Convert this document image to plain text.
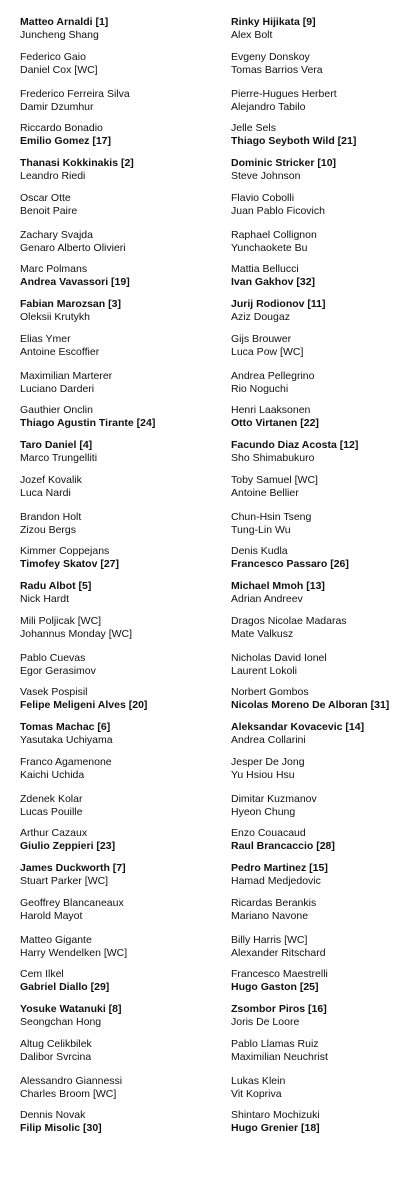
Matteo Arnaldi [1]
Juncheng Shang
Federico Gaio
Daniel Cox [WC]
Frederico Ferreira Silva
Damir Dzumhur
Riccardo Bonadio
Emilio Gomez [17]
Thanasi Kokkinakis [2]
Leandro Riedi
Oscar Otte
Benoit Paire
Zachary Svajda
Genaro Alberto Olivieri
Marc Polmans
Andrea Vavassori [19]
Fabian Marozsan [3]
Oleksii Krutykh
Elias Ymer
Antoine Escoffier
Maximilian Marterer
Luciano Darderi
Gauthier Onclin
Thiago Agustin Tirante [24]
Taro Daniel [4]
Marco Trungelliti
Jozef Kovalik
Luca Nardi
Brandon Holt
Zizou Bergs
Kimmer Coppejans
Timofey Skatov [27]
Radu Albot [5]
Nick Hardt
Mili Poljicak [WC]
Johannus Monday [WC]
Pablo Cuevas
Egor Gerasimov
Vasek Pospisil
Felipe Meligeni Alves [20]
Tomas Machac [6]
Yasutaka Uchiyama
Franco Agamenone
Kaichi Uchida
Zdenek Kolar
Lucas Pouille
Arthur Cazaux
Giulio Zeppieri [23]
James Duckworth [7]
Stuart Parker [WC]
Geoffrey Blancaneaux
Harold Mayot
Matteo Gigante
Harry Wendelken [WC]
Cem Ilkel
Gabriel Diallo [29]
Yosuke Watanuki [8]
Seongchan Hong
Altug Celikbilek
Dalibor Svrcina
Alessandro Giannessi
Charles Broom [WC]
Dennis Novak
Filip Misolic [30]
Rinky Hijikata [9]
Alex Bolt
Evgeny Donskoy
Tomas Barrios Vera
Pierre-Hugues Herbert
Alejandro Tabilo
Jelle Sels
Thiago Seyboth Wild [21]
Dominic Stricker [10]
Steve Johnson
Flavio Cobolli
Juan Pablo Ficovich
Raphael Collignon
Yunchaokete Bu
Mattia Bellucci
Ivan Gakhov [32]
Jurij Rodionov [11]
Aziz Dougaz
Gijs Brouwer
Luca Pow [WC]
Andrea Pellegrino
Rio Noguchi
Henri Laaksonen
Otto Virtanen [22]
Facundo Diaz Acosta [12]
Sho Shimabukuro
Toby Samuel [WC]
Antoine Bellier
Chun-Hsin Tseng
Tung-Lin Wu
Denis Kudla
Francesco Passaro [26]
Michael Mmoh [13]
Adrian Andreev
Dragos Nicolae Madaras
Mate Valkusz
Nicholas David Ionel
Laurent Lokoli
Norbert Gombos
Nicolas Moreno De Alboran [31]
Aleksandar Kovacevic [14]
Andrea Collarini
Jesper De Jong
Yu Hsiou Hsu
Dimitar Kuzmanov
Hyeon Chung
Enzo Couacaud
Raul Brancaccio [28]
Pedro Martinez [15]
Hamad Medjedovic
Ricardas Berankis
Mariano Navone
Billy Harris [WC]
Alexander Ritschard
Francesco Maestrelli
Hugo Gaston [25]
Zsombor Piros [16]
Joris De Loore
Pablo Llamas Ruiz
Maximilian Neuchrist
Lukas Klein
Vit Kopriva
Shintaro Mochizuki
Hugo Grenier [18]
